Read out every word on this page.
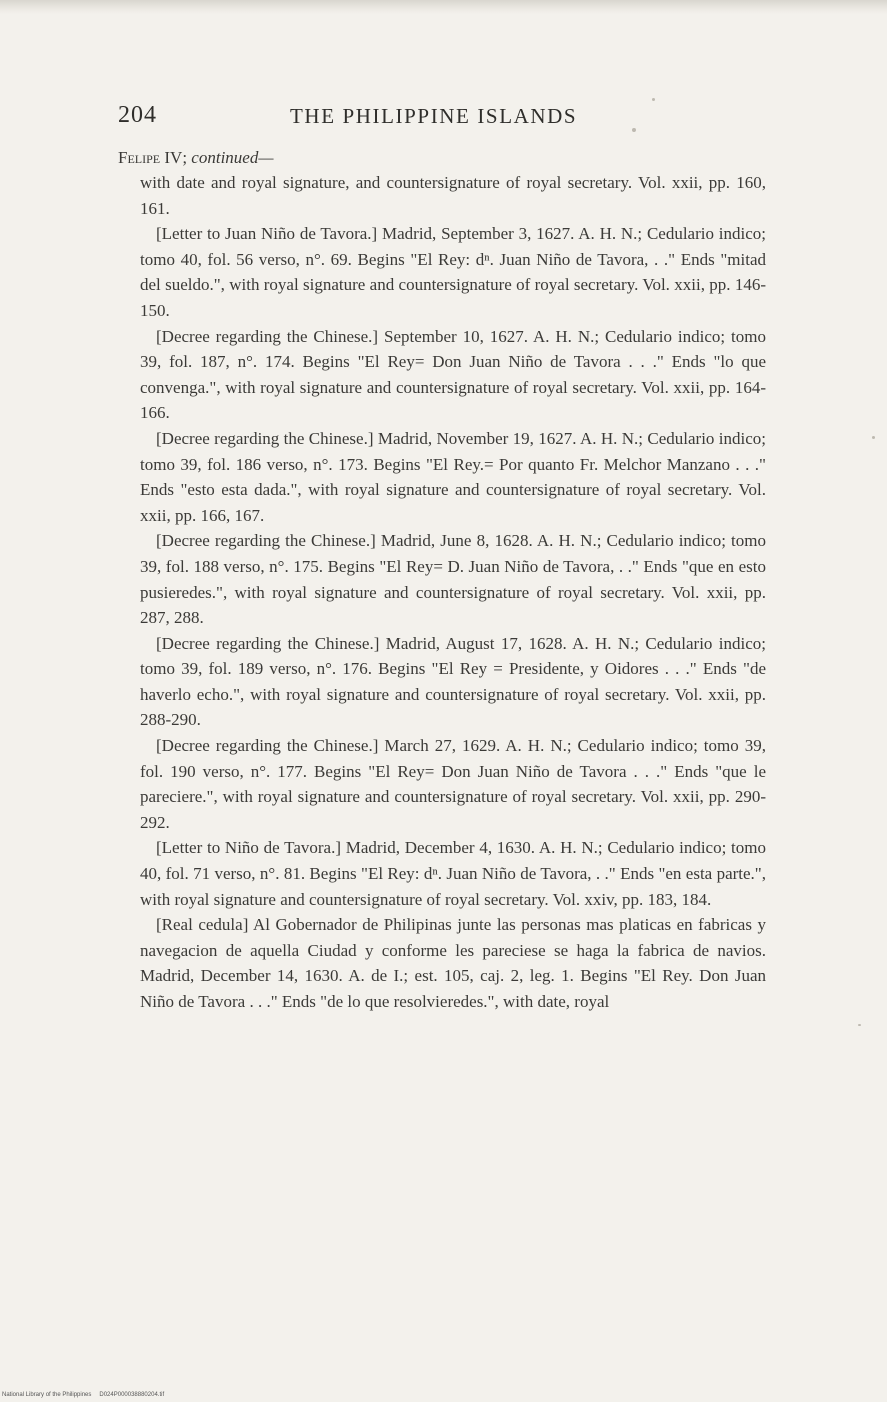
204	THE PHILIPPINE ISLANDS
Felipe IV; continued—

with date and royal signature, and countersignature of royal secretary. Vol. xxii, pp. 160, 161.

[Letter to Juan Niño de Tavora.] Madrid, September 3, 1627. A. H. N.; Cedulario indico; tomo 40, fol. 56 verso, n°. 69. Begins "El Rey: dⁿ. Juan Niño de Tavora, . ." Ends "mitad del sueldo.", with royal signature and countersignature of royal secretary. Vol. xxii, pp. 146-150.

[Decree regarding the Chinese.] September 10, 1627. A. H. N.; Cedulario indico; tomo 39, fol. 187, n°. 174. Begins "El Rey= Don Juan Niño de Tavora . . ." Ends "lo que convenga.", with royal signature and countersignature of royal secretary. Vol. xxii, pp. 164-166.

[Decree regarding the Chinese.] Madrid, November 19, 1627. A. H. N.; Cedulario indico; tomo 39, fol. 186 verso, n°. 173. Begins "El Rey.= Por quanto Fr. Melchor Manzano . . ." Ends "esto esta dada.", with royal signature and countersignature of royal secretary. Vol. xxii, pp. 166, 167.

[Decree regarding the Chinese.] Madrid, June 8, 1628. A. H. N.; Cedulario indico; tomo 39, fol. 188 verso, n°. 175. Begins "El Rey= D. Juan Niño de Tavora, . ." Ends "que en esto pusieredes.", with royal signature and countersignature of royal secretary. Vol. xxii, pp. 287, 288.

[Decree regarding the Chinese.] Madrid, August 17, 1628. A. H. N.; Cedulario indico; tomo 39, fol. 189 verso, n°. 176. Begins "El Rey = Presidente, y Oidores . . ." Ends "de haverlo echo.", with royal signature and countersignature of royal secretary. Vol. xxii, pp. 288-290.

[Decree regarding the Chinese.] March 27, 1629. A. H. N.; Cedulario indico; tomo 39, fol. 190 verso, n°. 177. Begins "El Rey= Don Juan Niño de Tavora . . ." Ends "que le pareciere.", with royal signature and countersignature of royal secretary. Vol. xxii, pp. 290-292.

[Letter to Niño de Tavora.] Madrid, December 4, 1630. A. H. N.; Cedulario indico; tomo 40, fol. 71 verso, n°. 81. Begins "El Rey: dⁿ. Juan Niño de Tavora, . ." Ends "en esta parte.", with royal signature and countersignature of royal secretary. Vol. xxiv, pp. 183, 184.

[Real cedula] Al Gobernador de Philipinas junte las personas mas platicas en fabricas y navegacion de aquella Ciudad y conforme les pareciese se haga la fabrica de navios. Madrid, December 14, 1630. A. de I.; est. 105, caj. 2, leg. 1. Begins "El Rey. Don Juan Niño de Tavora . . ." Ends "de lo que resolvieredes.", with date, royal

National Library of the Philippines D024P000038880204.tif
